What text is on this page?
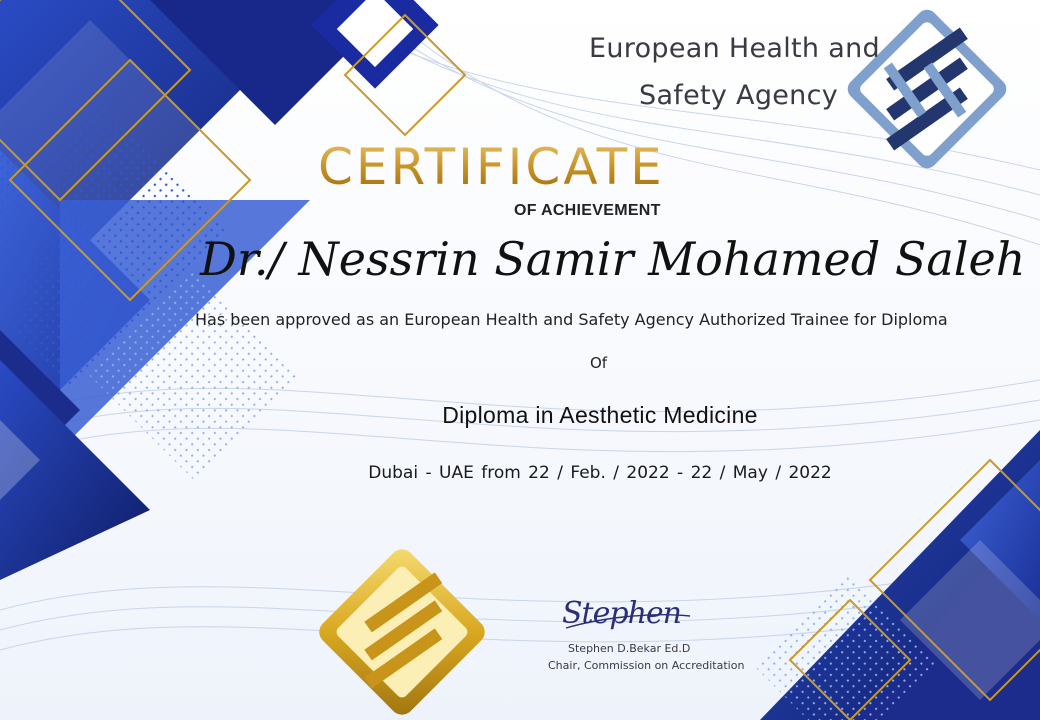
European Health and
Safety Agency
CERTIFICATE
OF ACHIEVEMENT
Dr./ Nessrin Samir Mohamed Saleh
Has been approved as an European Health and Safety Agency Authorized Trainee for Diploma
Of
Diploma in Aesthetic Medicine
Dubai - UAE from 22 / Feb. / 2022 - 22 / May / 2022
Stephen
Stephen D.Bekar Ed.D
Chair, Commission on Accreditation
